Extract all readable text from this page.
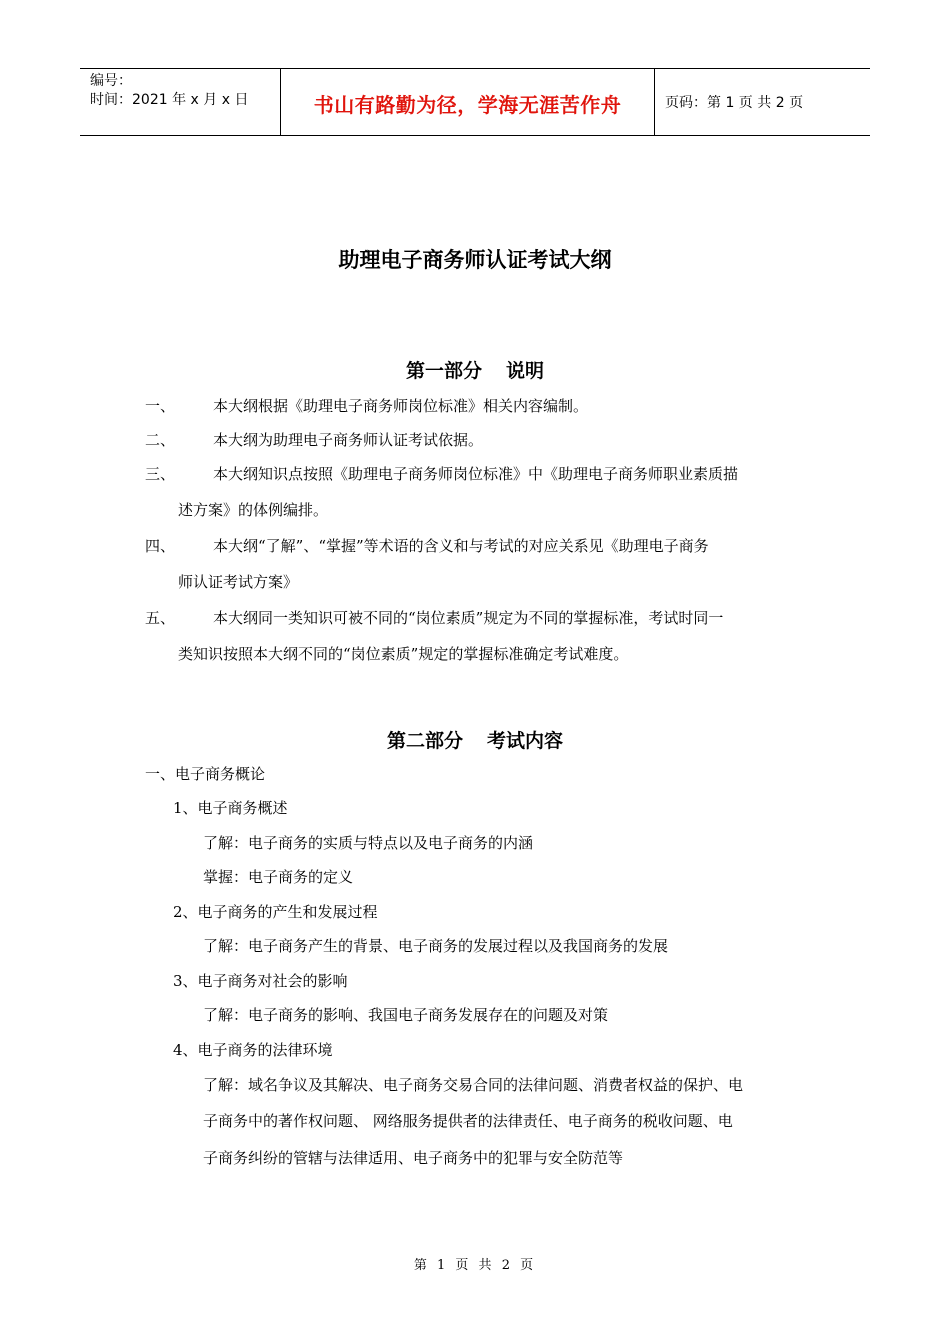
编号：
时间：2021 年 x 月 x 日	书山有路勤为径，学海无涯苦作舟	页码：第 1 页 共 2 页
助理电子商务师认证考试大纲
第一部分 说明
一、	本大纲根据《助理电子商务师岗位标准》相关内容编制。
二、	本大纲为助理电子商务师认证考试依据。
三、	本大纲知识点按照《助理电子商务师岗位标准》中《助理电子商务师职业素质描
述方案》的体例编排。
四、	本大纲“了解”、“掌握”等术语的含义和与考试的对应关系见《助理电子商务
师认证考试方案》
五、	本大纲同一类知识可被不同的“岗位素质”规定为不同的掌握标准，考试时同一
类知识按照本大纲不同的“岗位素质”规定的掌握标准确定考试难度。
第二部分 考试内容
一、电子商务概论
1、电子商务概述
了解：电子商务的实质与特点以及电子商务的内涵
掌握：电子商务的定义
2、电子商务的产生和发展过程
了解：电子商务产生的背景、电子商务的发展过程以及我国商务的发展
3、电子商务对社会的影响
了解：电子商务的影响、我国电子商务发展存在的问题及对策
4、电子商务的法律环境
了解：域名争议及其解决、电子商务交易合同的法律问题、消费者权益的保护、电
子商务中的著作权问题、 网络服务提供者的法律责任、电子商务的税收问题、电
子商务纠纷的管辖与法律适用、电子商务中的犯罪与安全防范等
第 1 页 共 2 页
